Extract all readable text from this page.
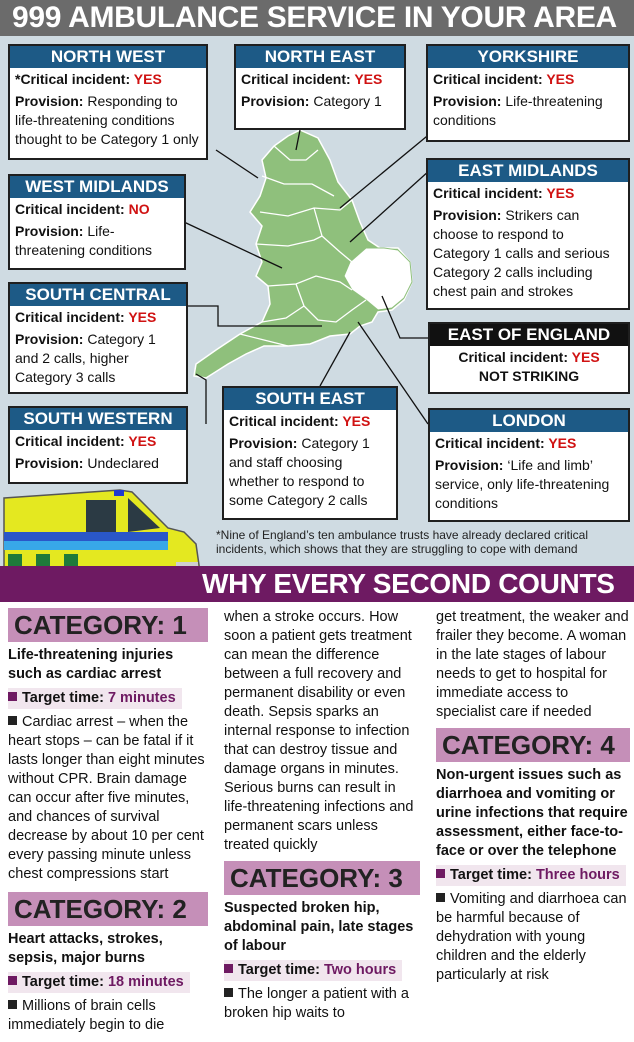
999 AMBULANCE SERVICE IN YOUR AREA
NORTH WEST

*Critical incident: YES

Provision: Responding to life-threatening conditions thought to be Category 1 only

NORTH EAST

Critical incident: YES

Provision: Category 1

YORKSHIRE

Critical incident: YES

Provision: Life-threatening conditions

WEST MIDLANDS

Critical incident: NO

Provision: Life-threatening conditions

EAST MIDLANDS

Critical incident: YES

Provision: Strikers can choose to respond to Category 1 calls and serious Category 2 calls including chest pain and strokes

SOUTH CENTRAL

Critical incident: YES

Provision: Category 1 and 2 calls, higher Category 3 calls

EAST OF ENGLAND

Critical incident: YES

NOT STRIKING

SOUTH WESTERN

Critical incident: YES

Provision: Undeclared

SOUTH EAST

Critical incident: YES

Provision: Category 1 and staff choosing whether to respond to some Category 2 calls

LONDON

Critical incident: YES

Provision: ‘Life and limb’ service, only life-threatening conditions

*Nine of England’s ten ambulance trusts have already declared critical incidents, which shows that they are struggling to cope with demand
WHY EVERY SECOND COUNTS
CATEGORY: 1

Life-threatening injuries such as cardiac arrest

Target time: 7 minutes

Cardiac arrest – when the heart stops – can be fatal if it lasts longer than eight minutes without CPR. Brain damage can occur after five minutes, and chances of survival decrease by about 10 per cent every passing minute unless chest compressions start

CATEGORY: 2

Heart attacks, strokes, sepsis, major burns

Target time: 18 minutes

Millions of brain cells immediately begin to die

when a stroke occurs. How soon a patient gets treatment can mean the difference between a full recovery and permanent disability or even death. Sepsis sparks an internal response to infection that can destroy tissue and damage organs in minutes. Serious burns can result in life-threatening infections and permanent scars unless treated quickly

CATEGORY: 3

Suspected broken hip, abdominal pain, late stages of labour

Target time: Two hours

The longer a patient with a broken hip waits to

get treatment, the weaker and frailer they become. A woman in the late stages of labour needs to get to hospital for immediate access to specialist care if needed

CATEGORY: 4

Non-urgent issues such as diarrhoea and vomiting or urine infections that require assessment, either face-to-face or over the telephone

Target time: Three hours

Vomiting and diarrhoea can be harmful because of dehydration with young children and the elderly particularly at risk
